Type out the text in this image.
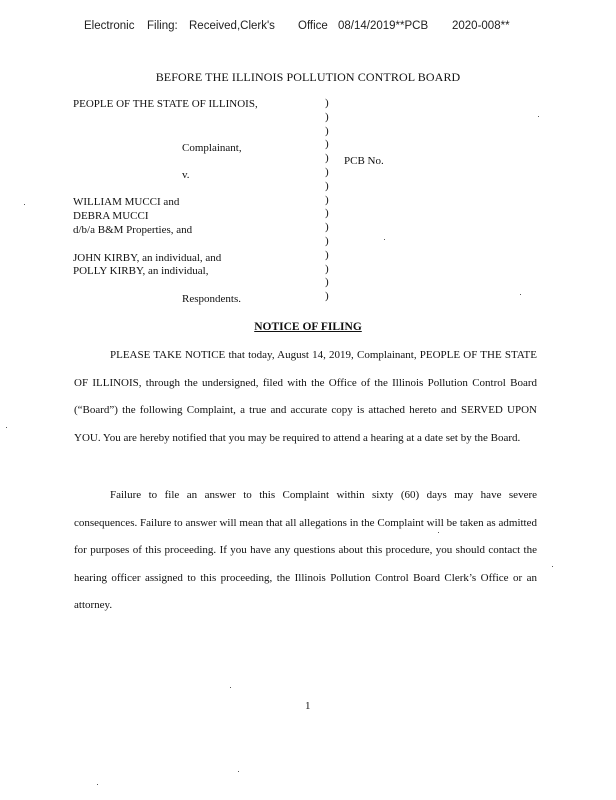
Electronic Filing: Received,Clerk's Office 08/14/2019**PCB 2020-008**
BEFORE THE ILLINOIS POLLUTION CONTROL BOARD
PEOPLE OF THE STATE OF ILLINOIS,
Complainant,
PCB No.
v.
WILLIAM MUCCI and
DEBRA MUCCI
d/b/a B&M Properties, and
JOHN KIRBY, an individual, and
POLLY KIRBY, an individual,
Respondents.
)
)
)
)
)
)
)
)
)
)
)
)
)
)
)
NOTICE OF FILING

PLEASE TAKE NOTICE that today, August 14, 2019, Complainant, PEOPLE OF THE STATE OF ILLINOIS, through the undersigned, filed with the Office of the Illinois Pollution Control Board (“Board”) the following Complaint, a true and accurate copy is attached hereto and SERVED UPON YOU. You are hereby notified that you may be required to attend a hearing at a date set by the Board.

Failure to file an answer to this Complaint within sixty (60) days may have severe consequences. Failure to answer will mean that all allegations in the Complaint will be taken as admitted for purposes of this proceeding. If you have any questions about this procedure, you should contact the hearing officer assigned to this proceeding, the Illinois Pollution Control Board Clerk’s Office or an attorney.

1
